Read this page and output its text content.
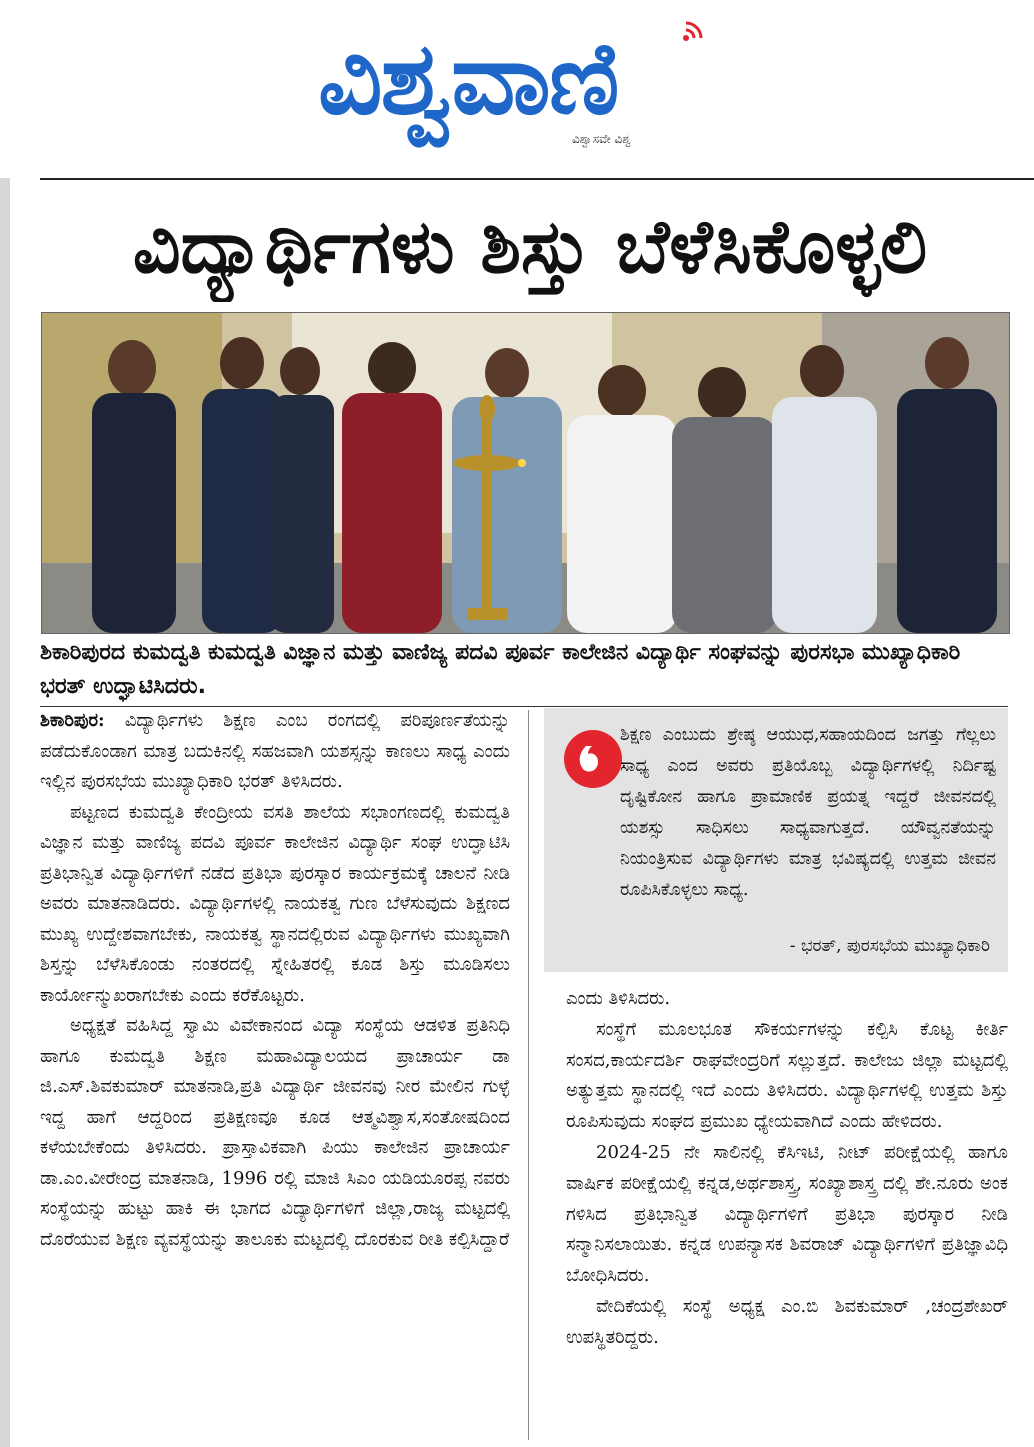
ವಿಶ್ವವಾಣಿ
ವಿಶ್ವಾಸವೇ ವಿಶ್ವ
ವಿದ್ಯಾರ್ಥಿಗಳು ಶಿಸ್ತು ಬೆಳೆಸಿಕೊಳ್ಳಲಿ
ಶಿಕಾರಿಪುರದ ಕುಮದ್ವತಿ ಕುಮದ್ವತಿ ವಿಜ್ಞಾನ ಮತ್ತು ವಾಣಿಜ್ಯ ಪದವಿ ಪೂರ್ವ ಕಾಲೇಜಿನ ವಿದ್ಯಾರ್ಥಿ ಸಂಘವನ್ನು ಪುರಸಭಾ ಮುಖ್ಯಾಧಿಕಾರಿ ಭರತ್ ಉದ್ಘಾಟಿಸಿದರು.

ಶಿಕಾರಿಪುರ: ವಿದ್ಯಾರ್ಥಿಗಳು ಶಿಕ್ಷಣ ಎಂಬ ರಂಗದಲ್ಲಿ ಪರಿಪೂರ್ಣತೆಯನ್ನು ಪಡೆದುಕೊಂಡಾಗ ಮಾತ್ರ ಬದುಕಿನಲ್ಲಿ ಸಹಜವಾಗಿ ಯಶಸ್ಸನ್ನು ಕಾಣಲು ಸಾಧ್ಯ ಎಂದು ಇಲ್ಲಿನ ಪುರಸಭೆಯ ಮುಖ್ಯಾಧಿಕಾರಿ ಭರತ್ ತಿಳಿಸಿದರು.

ಪಟ್ಟಣದ ಕುಮದ್ವತಿ ಕೇಂದ್ರೀಯ ವಸತಿ ಶಾಲೆಯ ಸಭಾಂಗಣದಲ್ಲಿ ಕುಮದ್ವತಿ ವಿಜ್ಞಾನ ಮತ್ತು ವಾಣಿಜ್ಯ ಪದವಿ ಪೂರ್ವ ಕಾಲೇಜಿನ ವಿದ್ಯಾರ್ಥಿ ಸಂಘ ಉದ್ಘಾಟಿಸಿ ಪ್ರತಿಭಾನ್ವಿತ ವಿದ್ಯಾರ್ಥಿಗಳಿಗೆ ನಡೆದ ಪ್ರತಿಭಾ ಪುರಸ್ಕಾರ ಕಾರ್ಯಕ್ರಮಕ್ಕೆ ಚಾಲನೆ ನೀಡಿ ಅವರು ಮಾತನಾಡಿದರು. ವಿದ್ಯಾರ್ಥಿಗಳಲ್ಲಿ ನಾಯಕತ್ವ ಗುಣ ಬೆಳೆಸುವುದು ಶಿಕ್ಷಣದ ಮುಖ್ಯ ಉದ್ದೇಶವಾಗಬೇಕು, ನಾಯಕತ್ವ ಸ್ಥಾನದಲ್ಲಿರುವ ವಿದ್ಯಾರ್ಥಿಗಳು ಮುಖ್ಯವಾಗಿ ಶಿಸ್ತನ್ನು ಬೆಳೆಸಿಕೊಂಡು ನಂತರದಲ್ಲಿ ಸ್ನೇಹಿತರಲ್ಲಿ ಕೂಡ ಶಿಸ್ತು ಮೂಡಿಸಲು ಕಾರ್ಯೋನ್ಮುಖರಾಗಬೇಕು ಎಂದು ಕರೆಕೊಟ್ಟರು.

ಅಧ್ಯಕ್ಷತೆ ವಹಿಸಿದ್ದ ಸ್ವಾಮಿ ವಿವೇಕಾನಂದ ವಿದ್ಯಾ ಸಂಸ್ಥೆಯ ಆಡಳಿತ ಪ್ರತಿನಿಧಿ ಹಾಗೂ ಕುಮದ್ವತಿ ಶಿಕ್ಷಣ ಮಹಾವಿದ್ಯಾಲಯದ ಪ್ರಾಚಾರ್ಯ ಡಾ ಜಿ.ಎಸ್.ಶಿವಕುಮಾರ್ ಮಾತನಾಡಿ,ಪ್ರತಿ ವಿದ್ಯಾರ್ಥಿ ಜೀವನವು ನೀರ ಮೇಲಿನ ಗುಳ್ಳೆ ಇದ್ದ ಹಾಗೆ ಆದ್ದರಿಂದ ಪ್ರತಿಕ್ಷಣವೂ ಕೂಡ ಆತ್ಮವಿಶ್ವಾಸ,ಸಂತೋಷದಿಂದ ಕಳೆಯಬೇಕೆಂದು ತಿಳಿಸಿದರು. ಪ್ರಾಸ್ತಾವಿಕವಾಗಿ ಪಿಯು ಕಾಲೇಜಿನ ಪ್ರಾಚಾರ್ಯ ಡಾ.ಎಂ.ವೀರೇಂದ್ರ ಮಾತನಾಡಿ, 1996 ರಲ್ಲಿ ಮಾಜಿ ಸಿಎಂ ಯಡಿಯೂರಪ್ಪ ನವರು ಸಂಸ್ಥೆಯನ್ನು ಹುಟ್ಟು ಹಾಕಿ ಈ ಭಾಗದ ವಿದ್ಯಾರ್ಥಿಗಳಿಗೆ ಜಿಲ್ಲಾ,ರಾಜ್ಯ ಮಟ್ಟದಲ್ಲಿ ದೊರೆಯುವ ಶಿಕ್ಷಣ ವ್ಯವಸ್ಥೆಯನ್ನು ತಾಲೂಕು ಮಟ್ಟದಲ್ಲಿ ದೊರಕುವ ರೀತಿ ಕಲ್ಪಿಸಿದ್ದಾರೆ

ಶಿಕ್ಷಣ ಎಂಬುದು ಶ್ರೇಷ್ಠ ಆಯುಧ,ಸಹಾಯದಿಂದ ಜಗತ್ತು ಗೆಲ್ಲಲು ಸಾಧ್ಯ ಎಂದ ಅವರು ಪ್ರತಿಯೊಬ್ಬ ವಿದ್ಯಾರ್ಥಿಗಳಲ್ಲಿ ನಿರ್ದಿಷ್ಟ ದೃಷ್ಟಿಕೋನ ಹಾಗೂ ಪ್ರಾಮಾಣಿಕ ಪ್ರಯತ್ನ ಇದ್ದರೆ ಜೀವನದಲ್ಲಿ ಯಶಸ್ಸು ಸಾಧಿಸಲು ಸಾಧ್ಯವಾಗುತ್ತದೆ. ಯೌವ್ವನತೆಯನ್ನು ನಿಯಂತ್ರಿಸುವ ವಿದ್ಯಾರ್ಥಿಗಳು ಮಾತ್ರ ಭವಿಷ್ಯದಲ್ಲಿ ಉತ್ತಮ ಜೀವನ ರೂಪಿಸಿಕೊಳ್ಳಲು ಸಾಧ್ಯ.
- ಭರತ್, ಪುರಸಭೆಯ ಮುಖ್ಯಾಧಿಕಾರಿ

ಎಂದು ತಿಳಿಸಿದರು.

ಸಂಸ್ಥೆಗೆ ಮೂಲಭೂತ ಸೌಕರ್ಯಗಳನ್ನು ಕಲ್ಪಿಸಿ ಕೊಟ್ಟ ಕೀರ್ತಿ ಸಂಸದ,ಕಾರ್ಯದರ್ಶಿ ರಾಘವೇಂದ್ರರಿಗೆ ಸಲ್ಲುತ್ತದೆ. ಕಾಲೇಜು ಜಿಲ್ಲಾ ಮಟ್ಟದಲ್ಲಿ ಅತ್ಯುತ್ತಮ ಸ್ಥಾನದಲ್ಲಿ ಇದೆ ಎಂದು ತಿಳಿಸಿದರು. ವಿದ್ಯಾರ್ಥಿಗಳಲ್ಲಿ ಉತ್ತಮ ಶಿಸ್ತು ರೂಪಿಸುವುದು ಸಂಘದ ಪ್ರಮುಖ ಧ್ಯೇಯವಾಗಿದೆ ಎಂದು ಹೇಳಿದರು.

2024-25 ನೇ ಸಾಲಿನಲ್ಲಿ ಕೆಸಿಇಟಿ, ನೀಟ್ ಪರೀಕ್ಷೆಯಲ್ಲಿ ಹಾಗೂ ವಾರ್ಷಿಕ ಪರೀಕ್ಷೆಯಲ್ಲಿ ಕನ್ನಡ,ಅರ್ಥಶಾಸ್ತ್ರ, ಸಂಖ್ಯಾಶಾಸ್ತ್ರ ದಲ್ಲಿ ಶೇ.ನೂರು ಅಂಕ ಗಳಿಸಿದ ಪ್ರತಿಭಾನ್ವಿತ ವಿದ್ಯಾರ್ಥಿಗಳಿಗೆ ಪ್ರತಿಭಾ ಪುರಸ್ಕಾರ ನೀಡಿ ಸನ್ಮಾನಿಸಲಾಯಿತು. ಕನ್ನಡ ಉಪನ್ಯಾಸಕ ಶಿವರಾಜ್ ವಿದ್ಯಾರ್ಥಿಗಳಿಗೆ ಪ್ರತಿಜ್ಞಾವಿಧಿ ಬೋಧಿಸಿದರು.

ವೇದಿಕೆಯಲ್ಲಿ ಸಂಸ್ಥೆ ಅಧ್ಯಕ್ಷ ಎಂ.ಬಿ ಶಿವಕುಮಾರ್ ,ಚಂದ್ರಶೇಖರ್ ಉಪಸ್ಥಿತರಿದ್ದರು.
